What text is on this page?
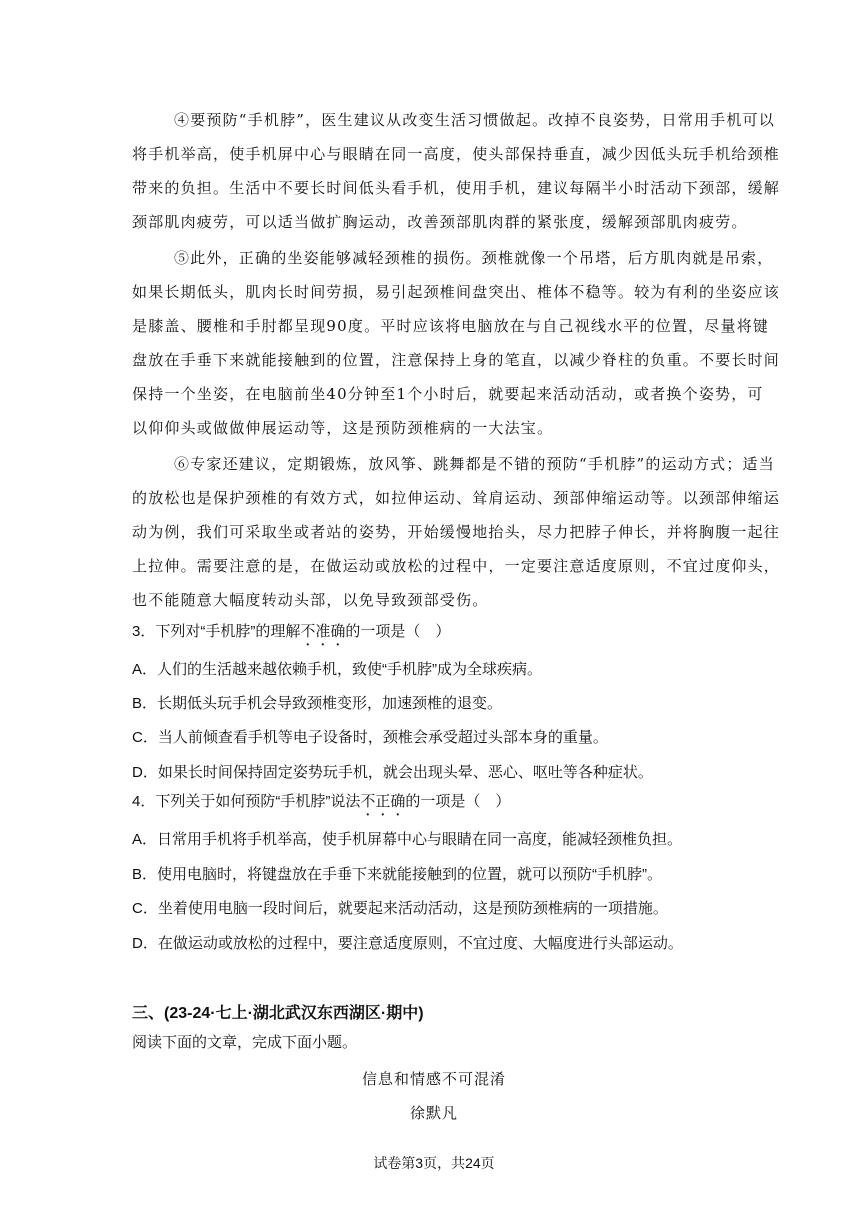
④要预防“手机脖”，医生建议从改变生活习惯做起。改掉不良姿势，日常用手机可以
将手机举高，使手机屏中心与眼睛在同一高度，使头部保持垂直，减少因低头玩手机给颈椎
带来的负担。生活中不要长时间低头看手机，使用手机，建议每隔半小时活动下颈部，缓解
颈部肌肉疲劳，可以适当做扩胸运动，改善颈部肌肉群的紧张度，缓解颈部肌肉疲劳。
⑤此外，正确的坐姿能够减轻颈椎的损伤。颈椎就像一个吊塔，后方肌肉就是吊索，
如果长期低头，肌肉长时间劳损，易引起颈椎间盘突出、椎体不稳等。较为有利的坐姿应该
是膝盖、腰椎和手肘都呈现90度。平时应该将电脑放在与自己视线水平的位置，尽量将键
盘放在手垂下来就能接触到的位置，注意保持上身的笔直，以减少脊柱的负重。不要长时间
保持一个坐姿，在电脑前坐40分钟至1个小时后，就要起来活动活动，或者换个姿势，可
以仰仰头或做做伸展运动等，这是预防颈椎病的一大法宝。
⑥专家还建议，定期锻炼，放风筝、跳舞都是不错的预防“手机脖”的运动方式；适当
的放松也是保护颈椎的有效方式，如拉伸运动、耸肩运动、颈部伸缩运动等。以颈部伸缩运
动为例，我们可采取坐或者站的姿势，开始缓慢地抬头，尽力把脖子伸长，并将胸腹一起往
上拉伸。需要注意的是，在做运动或放松的过程中，一定要注意适度原则，不宜过度仰头，
也不能随意大幅度转动头部，以免导致颈部受伤。
3．下列对“手机脖”的理解不准确的一项是（　）
A．人们的生活越来越依赖手机，致使“手机脖”成为全球疾病。
B．长期低头玩手机会导致颈椎变形，加速颈椎的退变。
C．当人前倾查看手机等电子设备时，颈椎会承受超过头部本身的重量。
D．如果长时间保持固定姿势玩手机，就会出现头晕、恶心、呕吐等各种症状。
4．下列关于如何预防“手机脖”说法不正确的一项是（　）
A．日常用手机将手机举高，使手机屏幕中心与眼睛在同一高度，能减轻颈椎负担。
B．使用电脑时，将键盘放在手垂下来就能接触到的位置，就可以预防“手机脖”。
C．坐着使用电脑一段时间后，就要起来活动活动，这是预防颈椎病的一项措施。
D．在做运动或放松的过程中，要注意适度原则，不宜过度、大幅度进行头部运动。
三、(23-24·七上·湖北武汉东西湖区·期中)
阅读下面的文章，完成下面小题。
信息和情感不可混淆
徐默凡
试卷第3页，共24页
